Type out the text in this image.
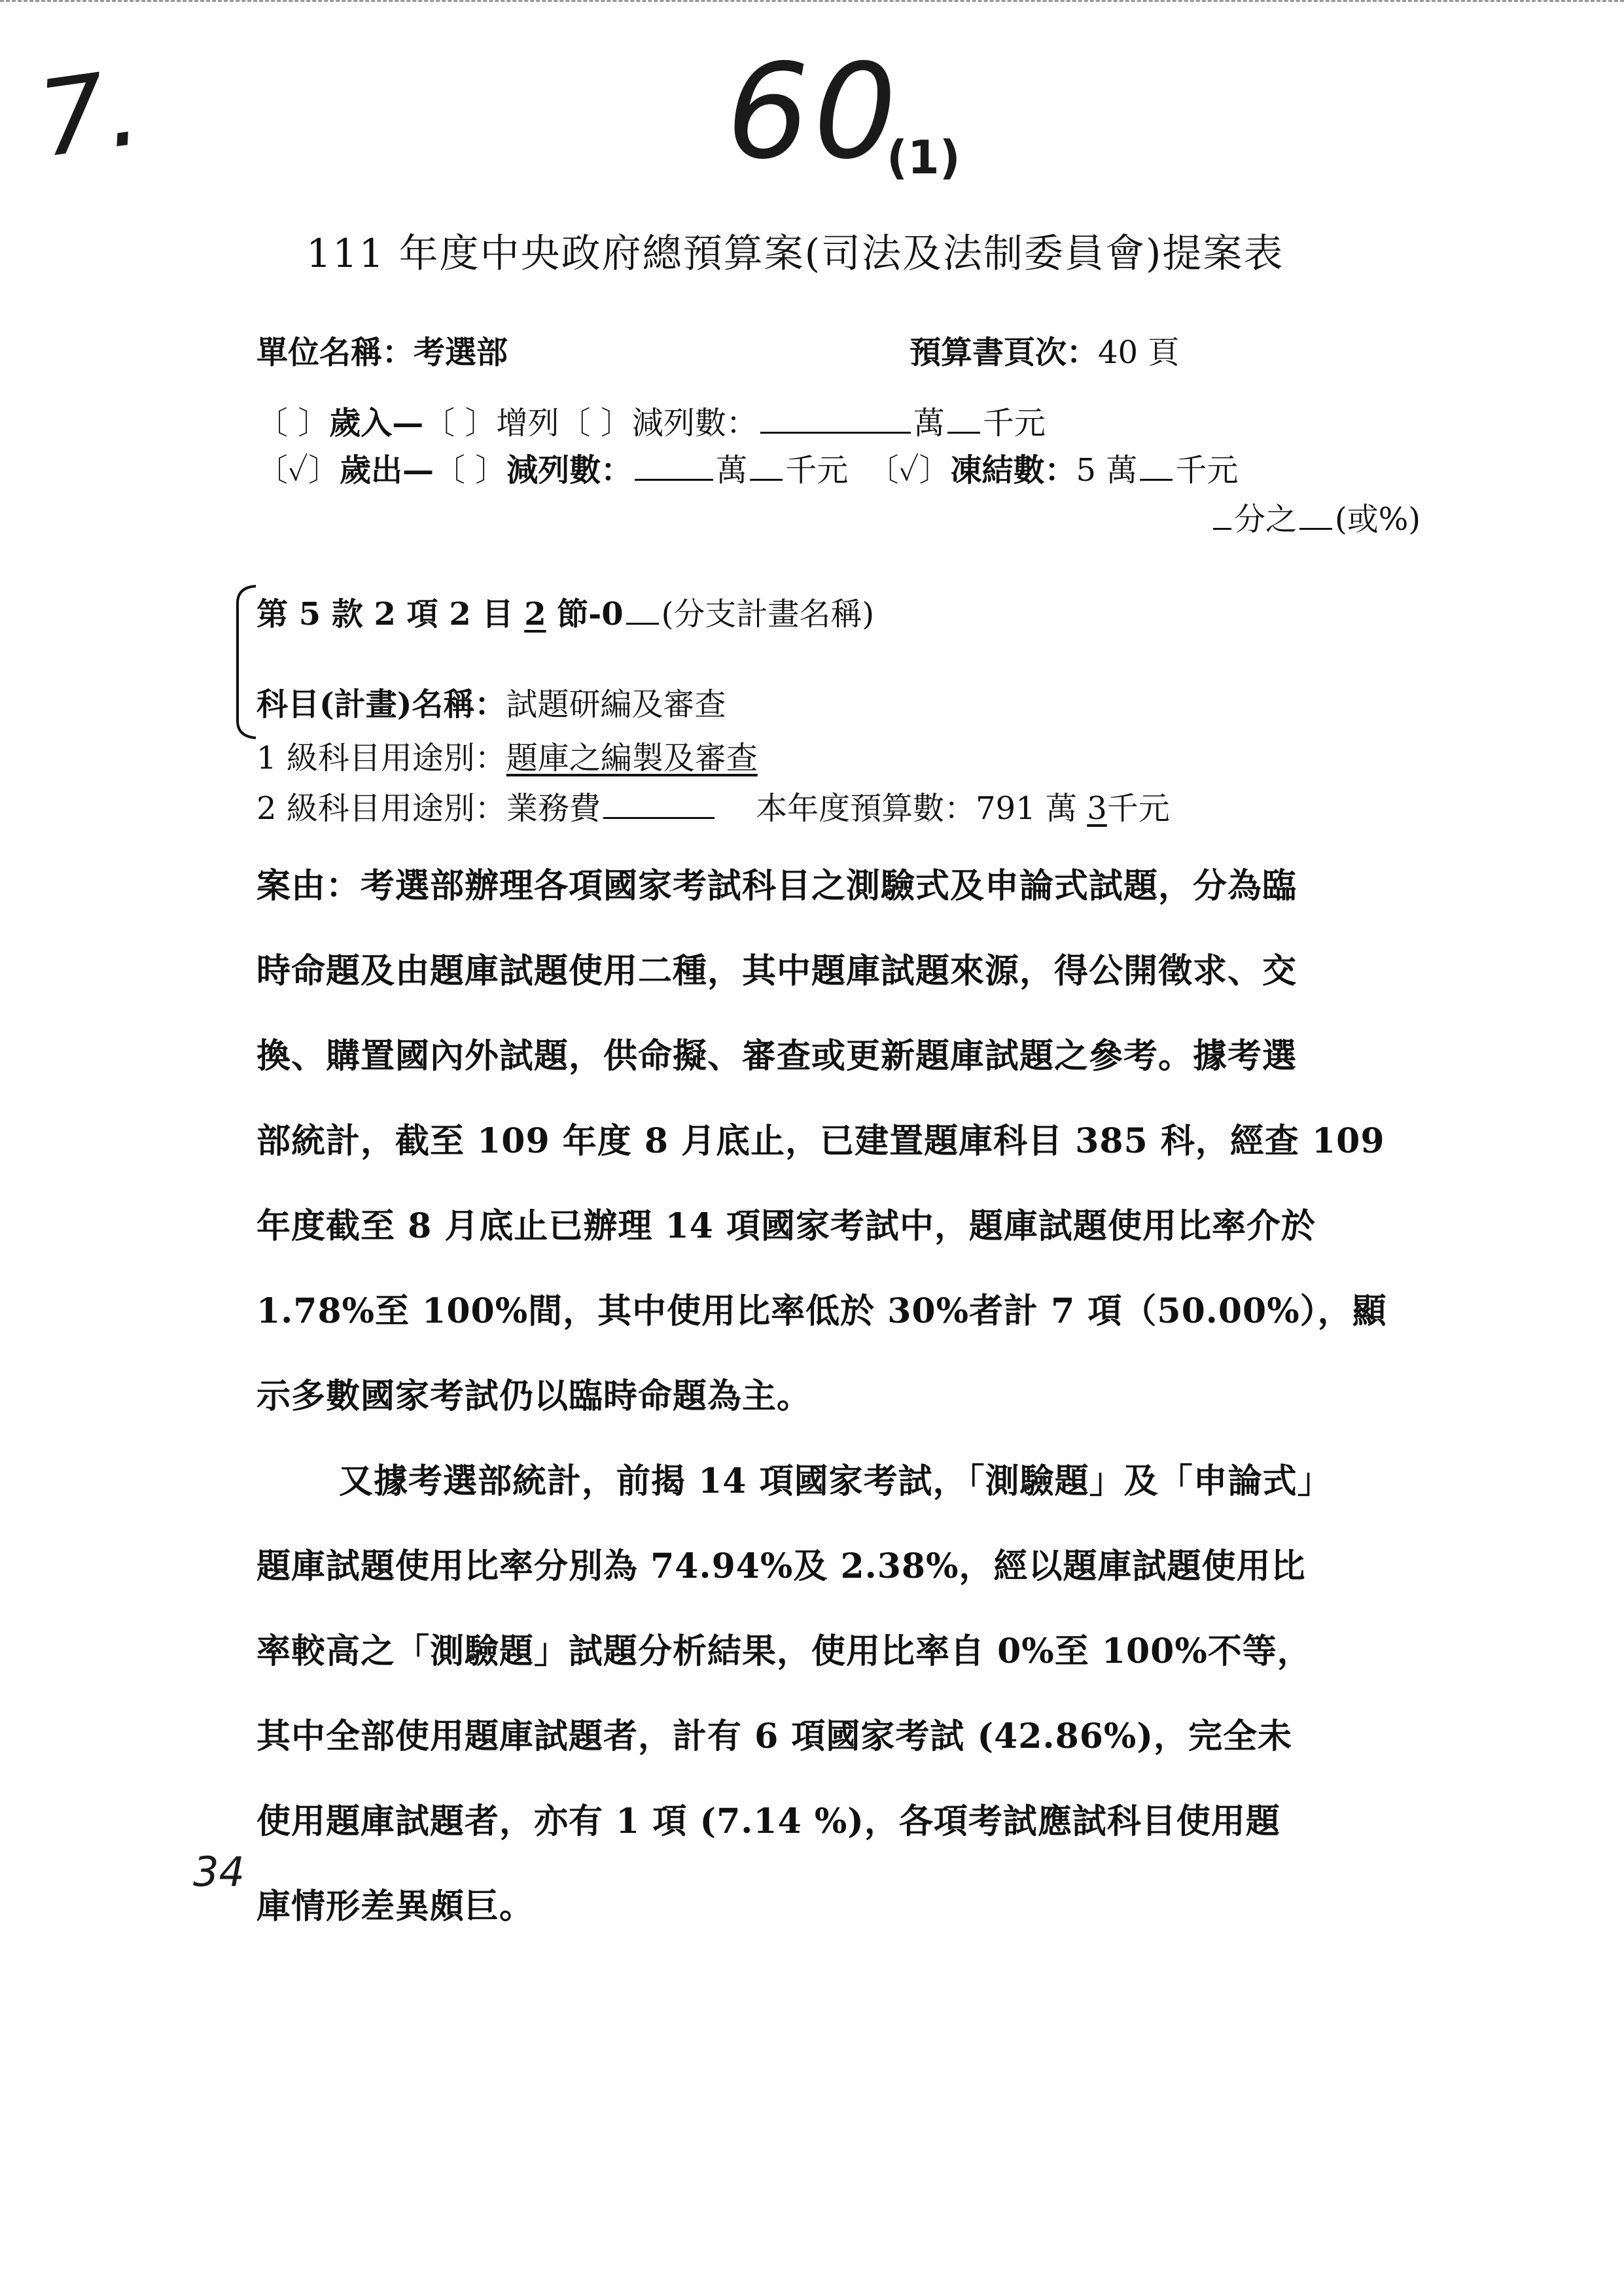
7.	60
(1)
34
111 年度中央政府總預算案(司法及法制委員會)提案表
單位名稱：考選部	預算書頁次：40 頁
〔 〕歲入—〔 〕增列〔 〕減列數：	萬 千元
〔✓〕歲出—〔 〕減列數：	萬 千元 〔✓〕凍結數：5 萬 千元
分之 (或%)
第 5 款 2 項 2 目 2 節-0 (分支計畫名稱)
科目(計畫)名稱：試題研編及審查
1 級科目用途別：題庫之編製及審查
2 級科目用途別：業務費	本年度預算數：791 萬 3千元
案由：考選部辦理各項國家考試科目之測驗式及申論式試題，分為臨
時命題及由題庫試題使用二種，其中題庫試題來源，得公開徵求、交
換、購置國內外試題，供命擬、審查或更新題庫試題之參考。據考選
部統計，截至 109 年度 8 月底止，已建置題庫科目 385 科，經查 109
年度截至 8 月底止已辦理 14 項國家考試中，題庫試題使用比率介於
1.78%至 100%間，其中使用比率低於 30%者計 7 項（50.00%），顯
示多數國家考試仍以臨時命題為主。
又據考選部統計，前揭 14 項國家考試，「測驗題」及「申論式」
題庫試題使用比率分別為 74.94%及 2.38%，經以題庫試題使用比
率較高之「測驗題」試題分析結果，使用比率自 0%至 100%不等，
其中全部使用題庫試題者，計有 6 項國家考試 (42.86%)，完全未
使用題庫試題者，亦有 1 項 (7.14 %)，各項考試應試科目使用題
庫情形差異頗巨。
